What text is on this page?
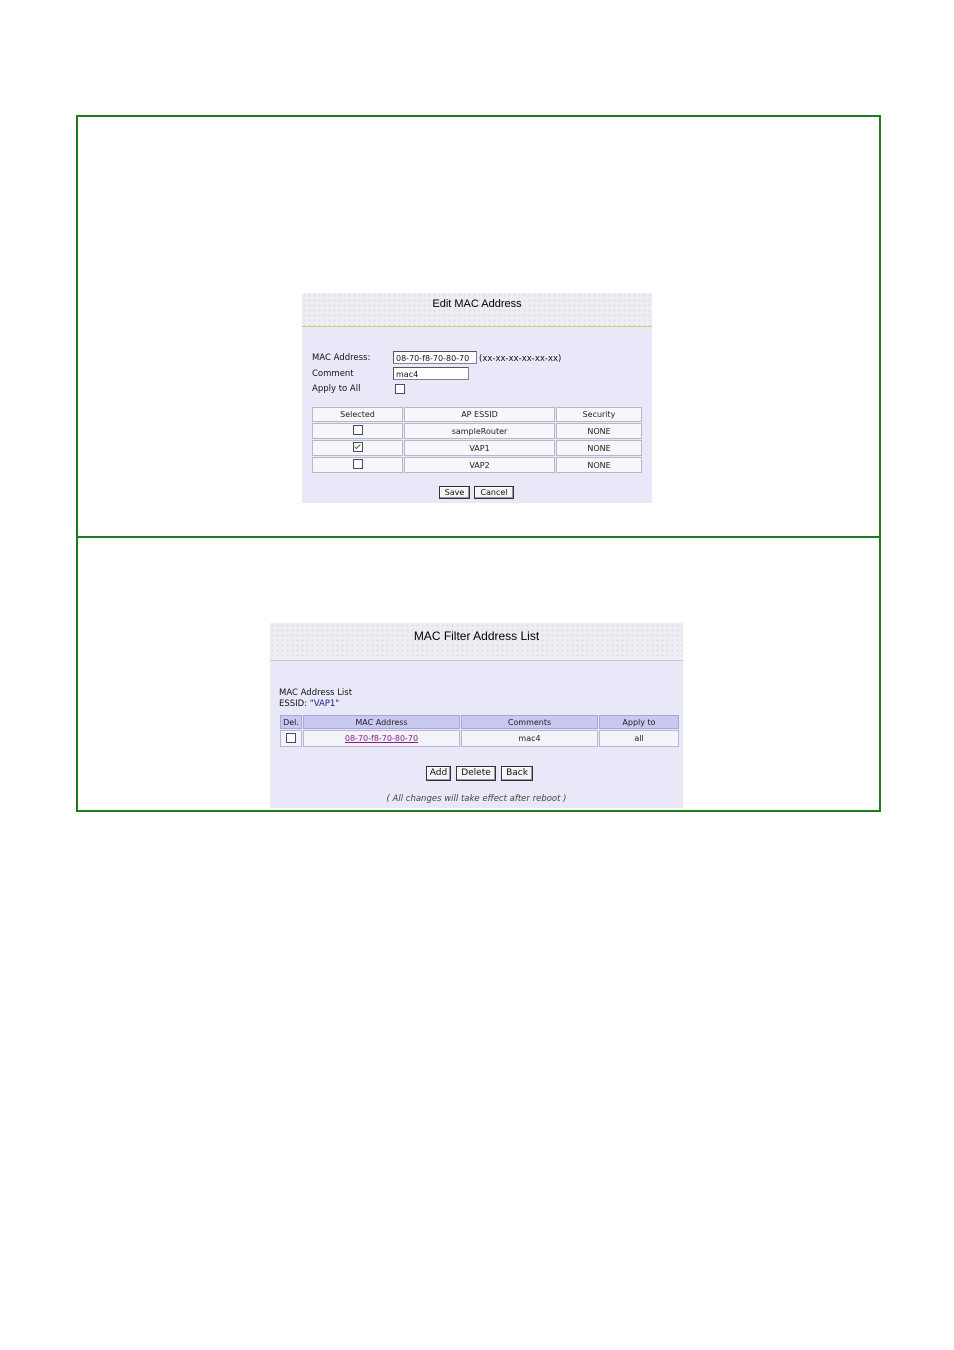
Edit MAC Address
MAC Address:	08-70-f8-70-80-70	(xx-xx-xx-xx-xx-xx)
Comment	mac4
Apply to All
Selected	AP ESSID	Security
	sampleRouter	NONE
	VAP1	NONE
	VAP2	NONE
Save	Cancel
MAC Filter Address List
MAC Address List
ESSID: "VAP1"
Del.	MAC Address	Comments	Apply to
	08-70-f8-70-80-70	mac4	all
Add	Delete	Back
( All changes will take effect after reboot )
